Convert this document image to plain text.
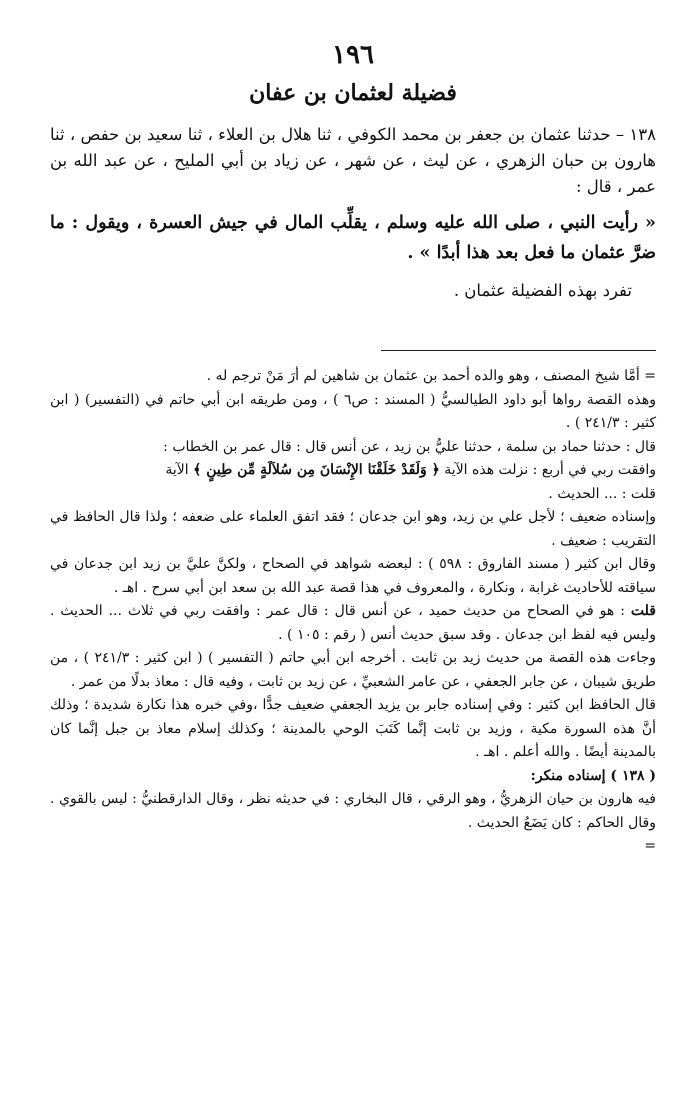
١٩٦
فضيلة لعثمان بن عفان

١٣٨ – حدثنا عثمان بن جعفر بن محمد الكوفي ، ثنا هلال بن العلاء ، ثنا سعيد بن حفص ، ثنا هارون بن حبان الزهري ، عن ليث ، عن شهر ، عن زياد بن أبي المليح ، عن عبد الله بن عمر ، قال :

« رأيت النبي ، صلى الله عليه وسلم ، يقلِّب المال في جيش العسرة ، ويقول : ما ضرَّ عثمان ما فعل بعد هذا أبدًا » .
تفرد بهذه الفضيلة عثمان .

= أمَّا شيخ المصنف ، وهو والده أحمد بن عثمان بن شاهين لم أرَ مَنْ ترجم له .

وهذه القصة رواها أبو داود الطيالسيُّ ( المسند : ص٦ ) ، ومن طريقه ابن أبي حاتم في (التفسير) ( ابن كثير : ٢٤١/٣ ) .

قال : حدثنا حماد بن سلمة ، حدثنا عليُّ بن زيد ، عن أنس قال : قال عمر بن الخطاب :

وافقت ربي في أربع : نزلت هذه الآية ﴿ وَلَقَدْ خَلَقْنَا الإِنْسَانَ مِن سُلاَلَةٍ مِّن طِينٍ ﴾ الآية

قلت : ... الحديث .

وإسناده ضعيف ؛ لأجل علي بن زيد، وهو ابن جدعان ؛ فقد اتفق العلماء على ضعفه ؛ ولذا قال الحافظ في التقريب : ضعيف .

وقال ابن كثير ( مسند الفاروق : ٥٩٨ ) : لبعضه شواهد في الصحاح ، ولكنَّ عليَّ بن زيد ابن جدعان في سياقته للأحاديث غرابة ، ونكارة ، والمعروف في هذا قصة عبد الله بن سعد ابن أبي سرح . اهـ .

قلت : هو في الصحاح من حديث حميد ، عن أنس قال : قال عمر : وافقت ربي في ثلاث ... الحديث . وليس فيه لفظ ابن جدعان . وقد سبق حديث أنس ( رقم : ١٠٥ ) .

وجاءت هذه القصة من حديث زيد بن ثابت . أخرجه ابن أبي حاتم ( التفسير ) ( ابن كثير : ٢٤١/٣ ) ، من طريق شيبان ، عن جابر الجعفي ، عن عامر الشعبيِّ ، عن زيد بن ثابت ، وفيه قال : معاذ بدلًا من عمر .

قال الحافظ ابن كثير : وفي إسناده جابر بن يزيد الجعفي ضعيف جدًّا ،وفي خبره هذا نكارة شديدة ؛ وذلك أنَّ هذه السورة مكية ، وزيد بن ثابت إنَّما كَتَبَ الوحي بالمدينة ؛ وكذلك إسلام معاذ بن جبل إنَّما كان بالمدينة أيضًا . والله أعلم . اهـ .

( ١٣٨ ) إسناده منكر:

فيه هارون بن حيان الزهريُّ ، وهو الرقي ، قال البخاري : في حديثه نظر ، وقال الدارقطنيُّ : ليس بالقوي . وقال الحاكم : كان يَضَعُ الحديث .

=
